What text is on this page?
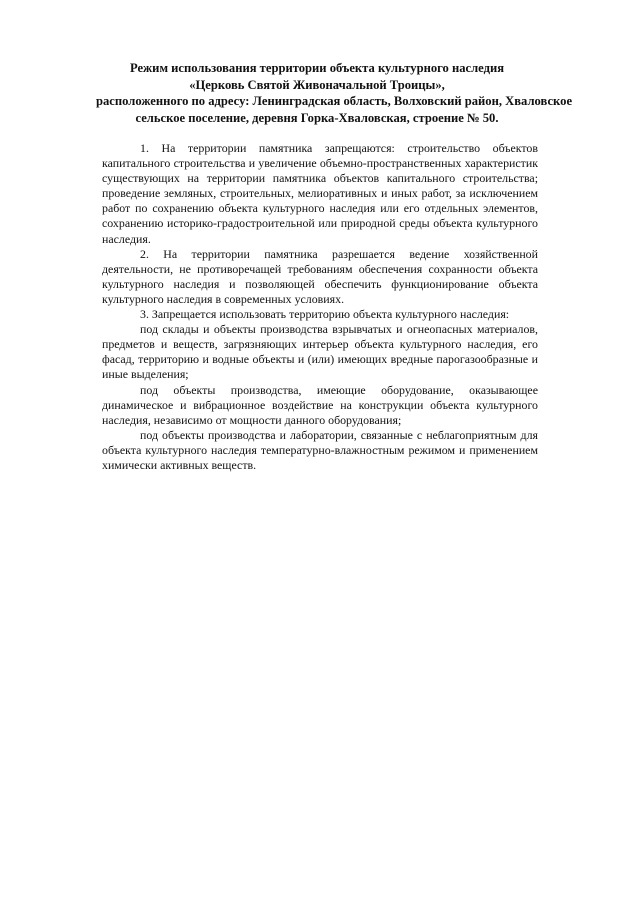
Режим использования территории объекта культурного наследия
«Церковь Святой Живоначальной Троицы»,
расположенного по адресу: Ленинградская область, Волховский район, Хваловское
сельское поселение, деревня Горка-Хваловская, строение № 50.

1. На территории памятника запрещаются: строительство объектов капитального строительства и увеличение объемно-пространственных характеристик существующих на территории памятника объектов капитального строительства; проведение земляных, строительных, мелиоративных и иных работ, за исключением работ по сохранению объекта культурного наследия или его отдельных элементов, сохранению историко-градостроительной или природной среды объекта культурного наследия.

2. На территории памятника разрешается ведение хозяйственной деятельности, не противоречащей требованиям обеспечения сохранности объекта культурного наследия и позволяющей обеспечить функционирование объекта культурного наследия в современных условиях.

3. Запрещается использовать территорию объекта культурного наследия:

под склады и объекты производства взрывчатых и огнеопасных материалов, предметов и веществ, загрязняющих интерьер объекта культурного наследия, его фасад, территорию и водные объекты и (или) имеющих вредные парогазообразные и иные выделения;

под объекты производства, имеющие оборудование, оказывающее динамическое и вибрационное воздействие на конструкции объекта культурного наследия, независимо от мощности данного оборудования;

под объекты производства и лаборатории, связанные с неблагоприятным для объекта культурного наследия температурно-влажностным режимом и применением химически активных веществ.
